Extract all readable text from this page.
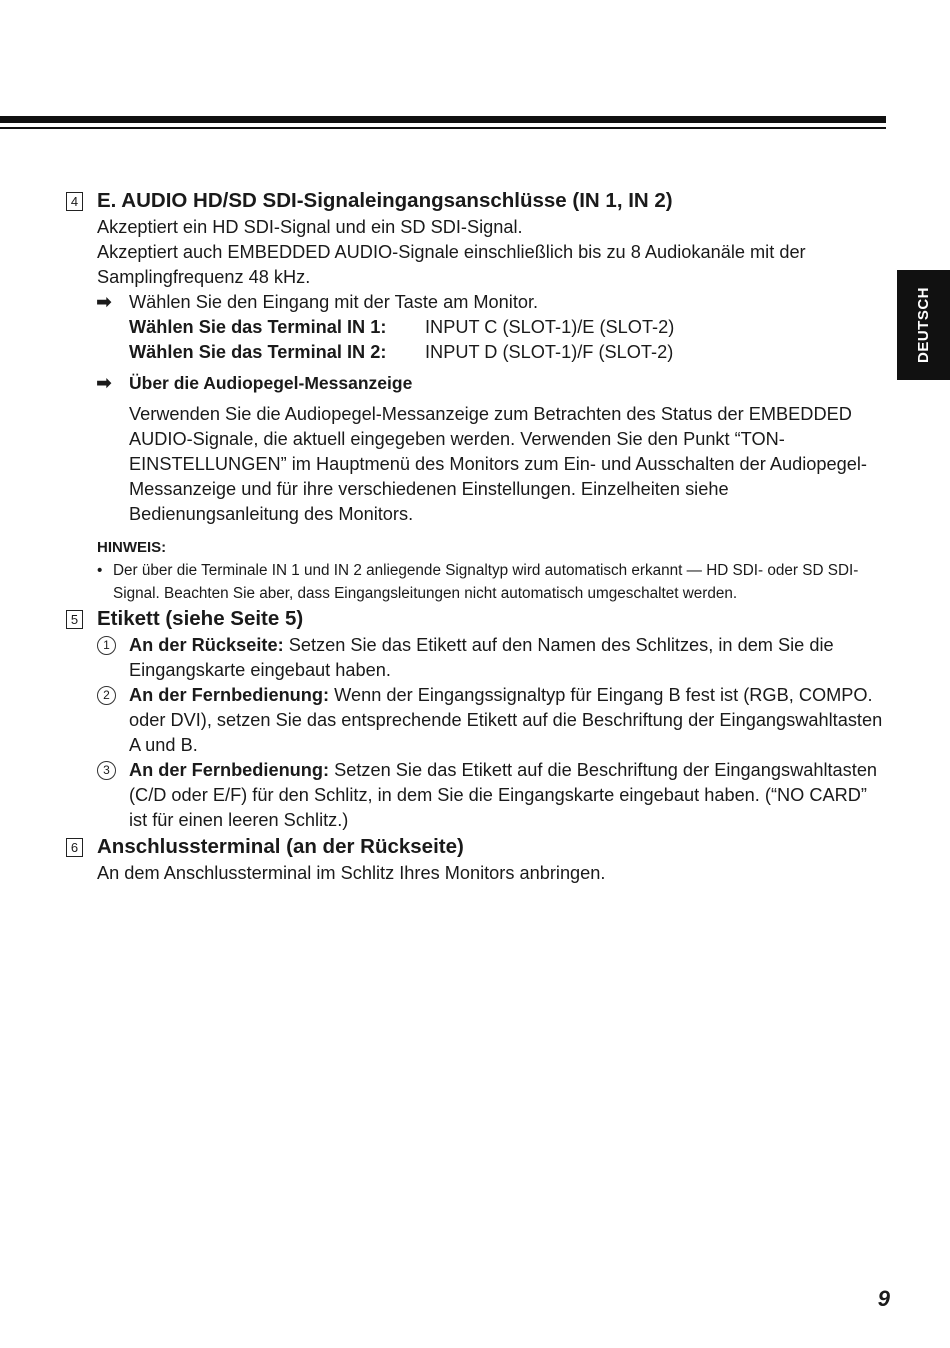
DEUTSCH
4 E. AUDIO HD/SD SDI-Signaleingangsanschlüsse (IN 1, IN 2)
Akzeptiert ein HD SDI-Signal und ein SD SDI-Signal.
Akzeptiert auch EMBEDDED AUDIO-Signale einschließlich bis zu 8 Audiokanäle mit der Samplingfrequenz 48 kHz.
➡ Wählen Sie den Eingang mit der Taste am Monitor.
Wählen Sie das Terminal IN 1: INPUT C (SLOT-1)/E (SLOT-2)
Wählen Sie das Terminal IN 2: INPUT D (SLOT-1)/F (SLOT-2)
➡ Über die Audiopegel-Messanzeige
Verwenden Sie die Audiopegel-Messanzeige zum Betrachten des Status der EMBEDDED AUDIO-Signale, die aktuell eingegeben werden. Verwenden Sie den Punkt “TON-EINSTELLUNGEN” im Hauptmenü des Monitors zum Ein- und Ausschalten der Audiopegel-Messanzeige und für ihre verschiedenen Einstellungen. Einzelheiten siehe Bedienungsanleitung des Monitors.
HINWEIS:
• Der über die Terminale IN 1 und IN 2 anliegende Signaltyp wird automatisch erkannt — HD SDI- oder SD SDI-Signal. Beachten Sie aber, dass Eingangsleitungen nicht automatisch umgeschaltet werden.
5 Etikett (siehe Seite 5)
1	An der Rückseite: Setzen Sie das Etikett auf den Namen des Schlitzes, in dem Sie die Eingangskarte eingebaut haben.
2	An der Fernbedienung: Wenn der Eingangssignaltyp für Eingang B fest ist (RGB, COMPO. oder DVI), setzen Sie das entsprechende Etikett auf die Beschriftung der Eingangswahltasten A und B.
3	An der Fernbedienung: Setzen Sie das Etikett auf die Beschriftung der Eingangswahltasten (C/D oder E/F) für den Schlitz, in dem Sie die Eingangskarte eingebaut haben. (“NO CARD” ist für einen leeren Schlitz.)
6 Anschlussterminal (an der Rückseite)
An dem Anschlussterminal im Schlitz Ihres Monitors anbringen.
9
